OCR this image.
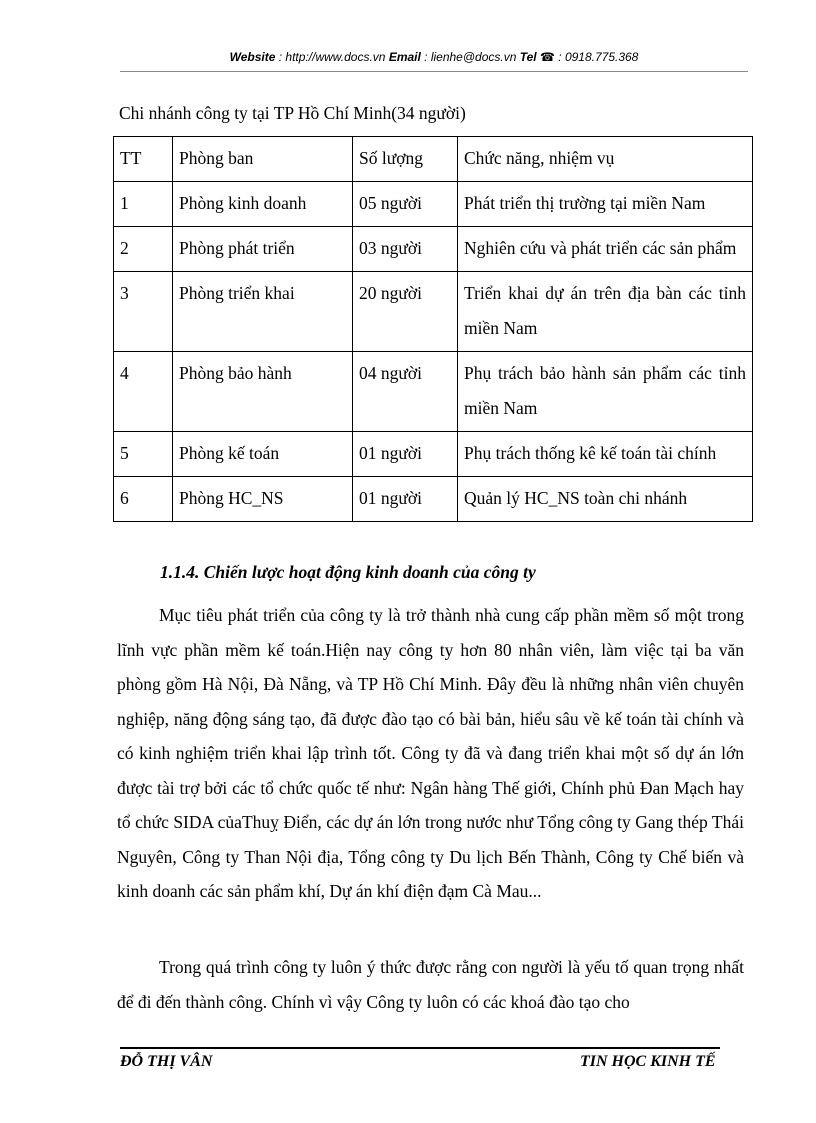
Website : http://www.docs.vn Email : lienhe@docs.vn Tel ☎ : 0918.775.368
Chi nhánh công ty tại TP Hồ Chí Minh(34 người)
TT	Phòng ban	Số lượng	Chức năng, nhiệm vụ
1	Phòng kinh doanh	05 người	Phát triển thị trường tại miền Nam
2	Phòng phát triển	03 người	Nghiên cứu và phát triển các sản phẩm
3	Phòng triển khai	20 người	Triển khai dự án trên địa bàn các tỉnh miền Nam
4	Phòng bảo hành	04 người	Phụ trách bảo hành sản phẩm các tỉnh miền Nam
5	Phòng kế toán	01 người	Phụ trách thống kê kế toán tài chính
6	Phòng HC_NS	01 người	Quản lý HC_NS toàn chi nhánh
1.1.4. Chiến lược hoạt động kinh doanh của công ty

Mục tiêu phát triển của công ty là trở thành nhà cung cấp phần mềm số một trong lĩnh vực phần mềm kế toán.Hiện nay công ty hơn 80 nhân viên, làm việc tại ba văn phòng gồm Hà Nội, Đà Nẵng, và TP Hồ Chí Minh. Đây đều là những nhân viên chuyên nghiệp, năng động sáng tạo, đã được đào tạo có bài bản, hiểu sâu về kế toán tài chính và có kinh nghiệm triển khai lập trình tốt. Công ty đã và đang triển khai một số dự án lớn được tài trợ bởi các tổ chức quốc tế như: Ngân hàng Thế giới, Chính phủ Đan Mạch hay tổ chức SIDA củaThuỵ Điển, các dự án lớn trong nước như Tổng công ty Gang thép Thái Nguyên, Công ty Than Nội địa, Tổng công ty Du lịch Bến Thành, Công ty Chế biến và kinh doanh các sản phẩm khí, Dự án khí điện đạm Cà Mau...

Trong quá trình công ty luôn ý thức được rằng con người là yếu tố quan trọng nhất để đi đến thành công. Chính vì vậy Công ty luôn có các khoá đào tạo cho

ĐỖ THỊ VÂN	TIN HỌC KINH TẾ
